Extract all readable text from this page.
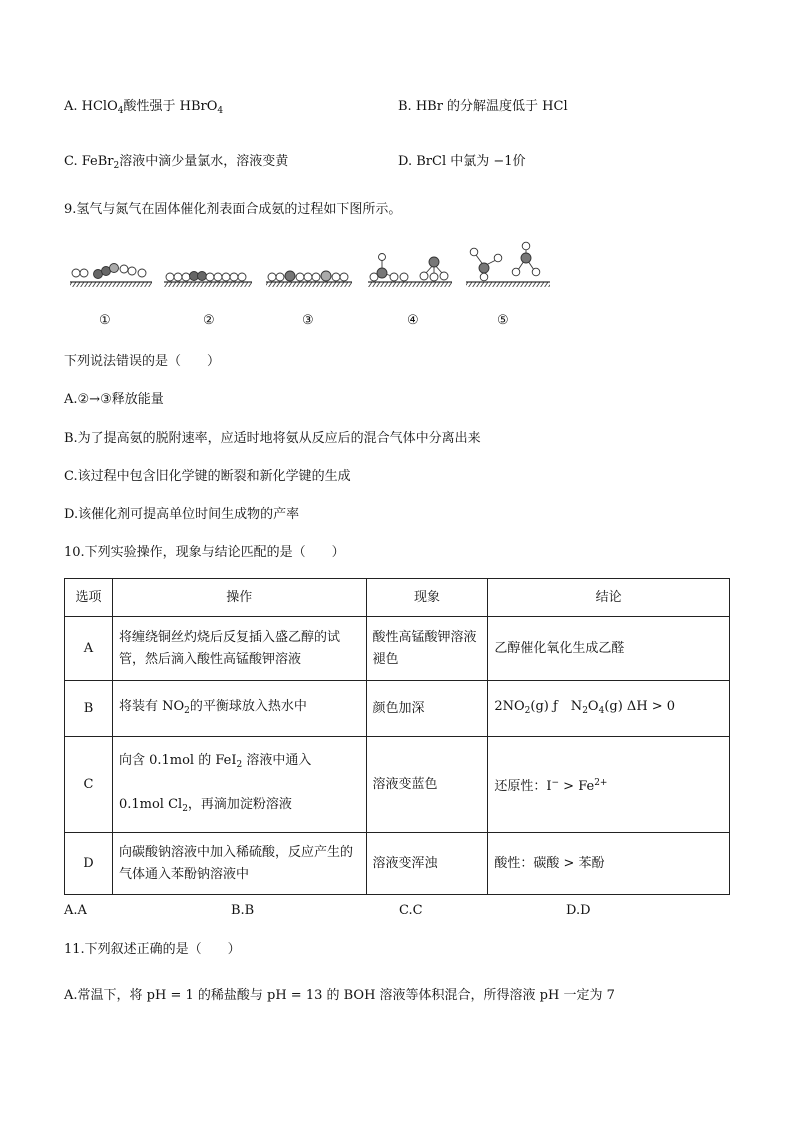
A. HClO$_4$酸性强于 HBrO$_4$	B. HBr 的分解温度低于 HCl
C. FeBr$_2$溶液中滴少量氯水，溶液变黄	D. BrCl 中氯为 −1价
9.氢气与氮气在固体催化剂表面合成氨的过程如下图所示。
①	②	③	④	⑤
下列说法错误的是（　　）
A.②→③释放能量
B.为了提高氨的脱附速率，应适时地将氨从反应后的混合气体中分离出来
C.该过程中包含旧化学键的断裂和新化学键的生成
D.该催化剂可提高单位时间生成物的产率
10.下列实验操作，现象与结论匹配的是（　　）
选项	操作	现象	结论
A	将缠绕铜丝灼烧后反复插入盛乙醇的试管，然后滴入酸性高锰酸钾溶液	酸性高锰酸钾溶液褪色	乙醇催化氧化生成乙醛
B	将装有 $NO_2$的平衡球放入热水中	颜色加深	$2NO_2(g)$ ƒ　$N_2O_4(g) \Delta H > 0$
C	向含 0.1mol 的 FeI$_2$ 溶液中通入
0.1mol $Cl_2$，再滴加淀粉溶液	溶液变蓝色	还原性：$I^- > Fe^{2+}$
D	向碳酸钠溶液中加入稀硫酸，反应产生的气体通入苯酚钠溶液中	溶液变浑浊	酸性：碳酸 > 苯酚
A.A	B.B	C.C	D.D
11.下列叙述正确的是（　　）
A.常温下，将 pH = 1 的稀盐酸与 pH = 13 的 BOH 溶液等体积混合，所得溶液 pH 一定为 7
